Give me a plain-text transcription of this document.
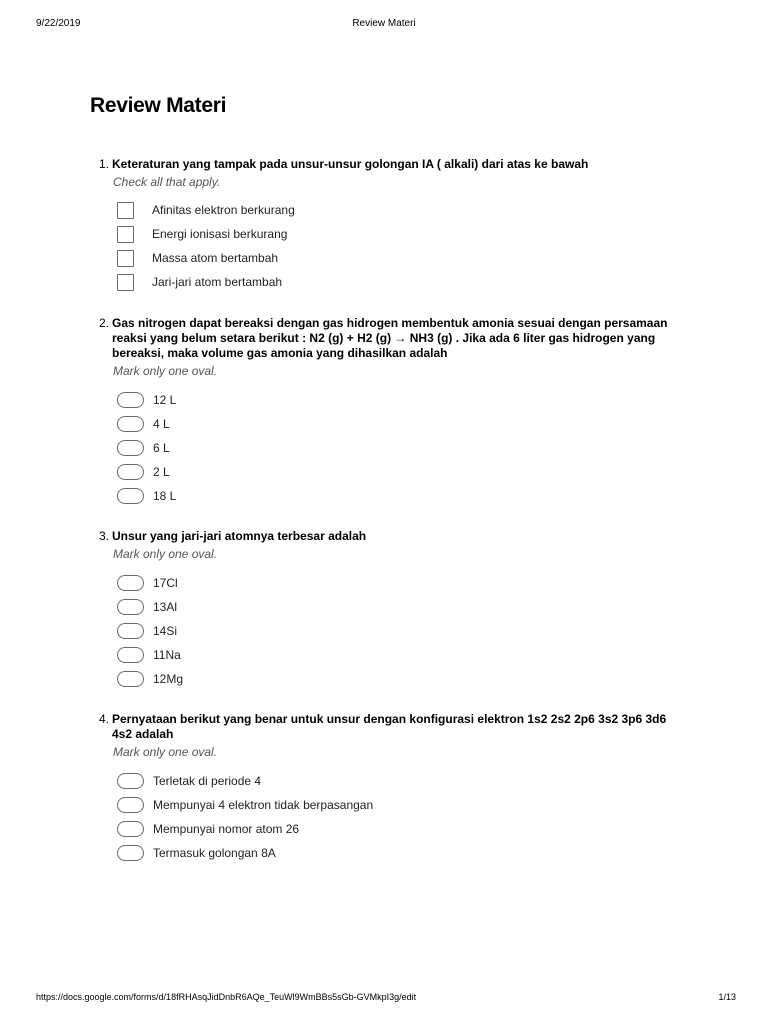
9/22/2019	Review Materi
Review Materi
1. Keteraturan yang tampak pada unsur-unsur golongan IA ( alkali) dari atas ke bawah
Check all that apply.
Afinitas elektron berkurang
Energi ionisasi berkurang
Massa atom bertambah
Jari-jari atom bertambah
2. Gas nitrogen dapat bereaksi dengan gas hidrogen membentuk amonia sesuai dengan persamaan reaksi yang belum setara berikut : N2 (g) + H2 (g) → NH3 (g) . Jika ada 6 liter gas hidrogen yang bereaksi, maka volume gas amonia yang dihasilkan adalah
Mark only one oval.
12 L
4 L
6 L
2 L
18 L
3. Unsur yang jari-jari atomnya terbesar adalah
Mark only one oval.
17Cl
13Al
14Si
11Na
12Mg
4. Pernyataan berikut yang benar untuk unsur dengan konfigurasi elektron 1s2 2s2 2p6 3s2 3p6 3d6 4s2 adalah
Mark only one oval.
Terletak di periode 4
Mempunyai 4 elektron tidak berpasangan
Mempunyai nomor atom 26
Termasuk golongan 8A
https://docs.google.com/forms/d/18fRHAsqJidDnbR6AQe_TeuWl9WmBBs5sGb-GVMkpI3g/edit	1/13
